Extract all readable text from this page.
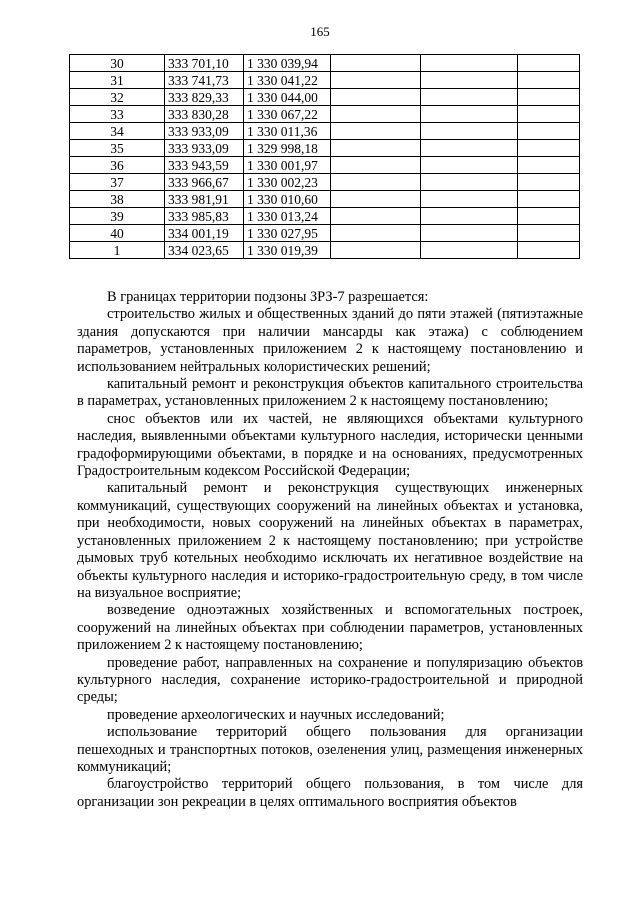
165
30	333 701,10	1 330 039,94			
31	333 741,73	1 330 041,22			
32	333 829,33	1 330 044,00			
33	333 830,28	1 330 067,22			
34	333 933,09	1 330 011,36			
35	333 933,09	1 329 998,18			
36	333 943,59	1 330 001,97			
37	333 966,67	1 330 002,23			
38	333 981,91	1 330 010,60			
39	333 985,83	1 330 013,24			
40	334 001,19	1 330 027,95			
1	334 023,65	1 330 019,39			

В границах территории подзоны ЗРЗ-7 разрешается:

строительство жилых и общественных зданий до пяти этажей (пятиэтажные здания допускаются при наличии мансарды как этажа) с соблюдением параметров, установленных приложением 2 к настоящему постановлению и использованием нейтральных колористических решений;

капитальный ремонт и реконструкция объектов капитального строительства в параметрах, установленных приложением 2 к настоящему постановлению;

снос объектов или их частей, не являющихся объектами культурного наследия, выявленными объектами культурного наследия, исторически ценными градоформирующими объектами, в порядке и на основаниях, предусмотренных Градостроительным кодексом Российской Федерации;

капитальный ремонт и реконструкция существующих инженерных коммуникаций, существующих сооружений на линейных объектах и установка, при необходимости, новых сооружений на линейных объектах в параметрах, установленных приложением 2 к настоящему постановлению; при устройстве дымовых труб котельных необходимо исключать их негативное воздействие на объекты культурного наследия и историко-градостроительную среду, в том числе на визуальное восприятие;

возведение одноэтажных хозяйственных и вспомогательных построек, сооружений на линейных объектах при соблюдении параметров, установленных приложением 2 к настоящему постановлению;

проведение работ, направленных на сохранение и популяризацию объектов культурного наследия, сохранение историко-градостроительной и природной среды;

проведение археологических и научных исследований;

использование территорий общего пользования для организации пешеходных и транспортных потоков, озеленения улиц, размещения инженерных коммуникаций;

благоустройство территорий общего пользования, в том числе для организации зон рекреации в целях оптимального восприятия объектов
